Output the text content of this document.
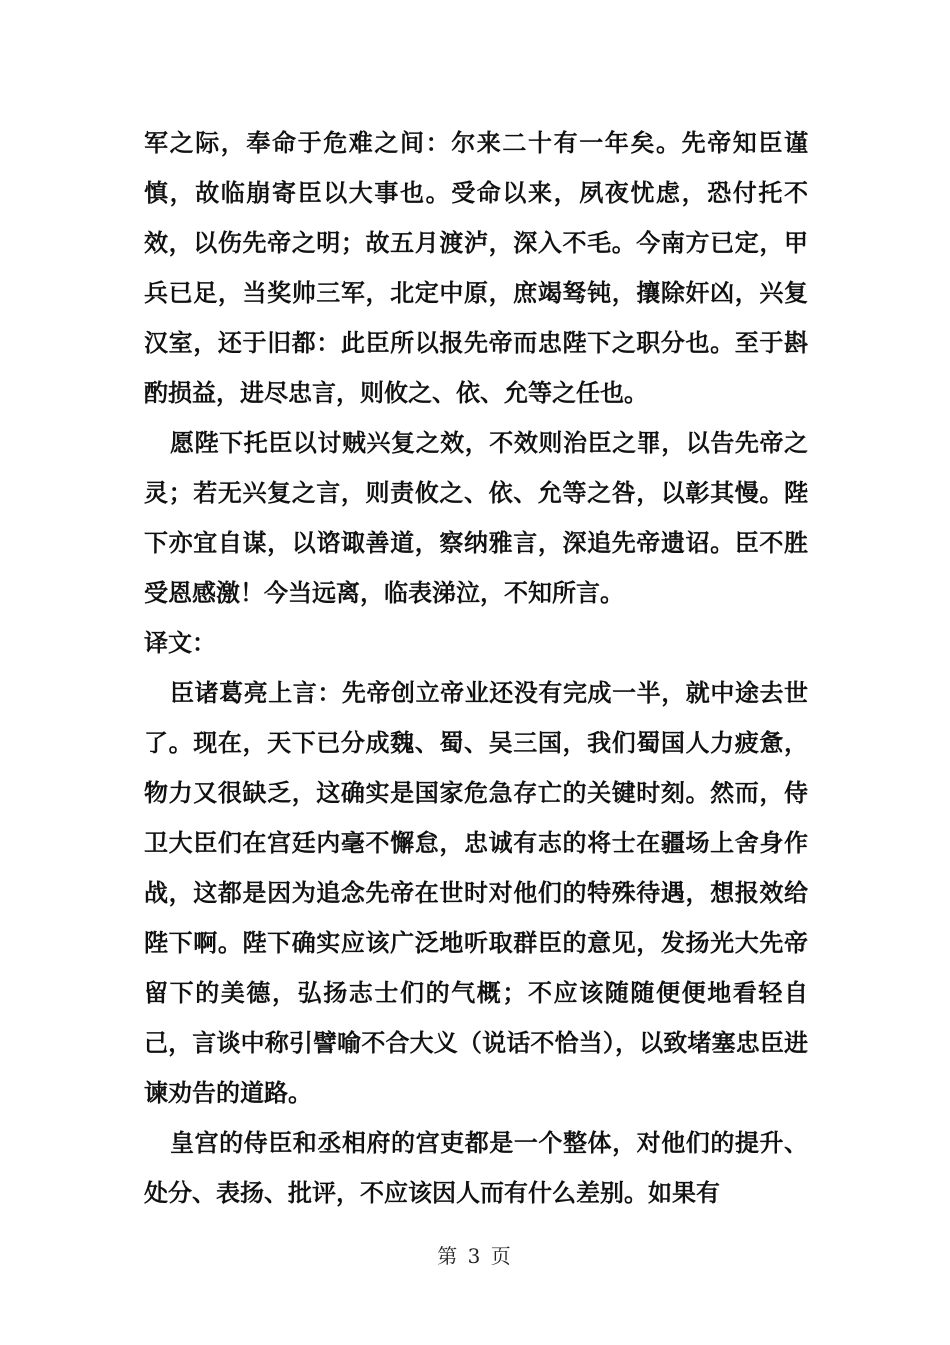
军之际，奉命于危难之间：尔来二十有一年矣。先帝知臣谨慎，故临崩寄臣以大事也。受命以来，夙夜忧虑，恐付托不效，以伤先帝之明；故五月渡泸，深入不毛。今南方已定，甲兵已足，当奖帅三军，北定中原，庶竭驽钝，攘除奸凶，兴复汉室，还于旧都：此臣所以报先帝而忠陛下之职分也。至于斟酌损益，进尽忠言，则攸之、依、允等之任也。

愿陛下托臣以讨贼兴复之效，不效则治臣之罪，以告先帝之灵；若无兴复之言，则责攸之、依、允等之咎，以彰其慢。陛下亦宜自谋，以谘诹善道，察纳雅言，深追先帝遗诏。臣不胜受恩感激！今当远离，临表涕泣，不知所言。

译文：

臣诸葛亮上言：先帝创立帝业还没有完成一半，就中途去世了。现在，天下已分成魏、蜀、吴三国，我们蜀国人力疲惫，物力又很缺乏，这确实是国家危急存亡的关键时刻。然而，侍卫大臣们在宫廷内毫不懈怠，忠诚有志的将士在疆场上舍身作战，这都是因为追念先帝在世时对他们的特殊待遇，想报效给陛下啊。陛下确实应该广泛地听取群臣的意见，发扬光大先帝留下的美德，弘扬志士们的气概；不应该随随便便地看轻自己，言谈中称引譬喻不合大义（说话不恰当），以致堵塞忠臣进谏劝告的道路。

皇宫的侍臣和丞相府的宫吏都是一个整体，对他们的提升、处分、表扬、批评，不应该因人而有什么差别。如果有

第 3 页
